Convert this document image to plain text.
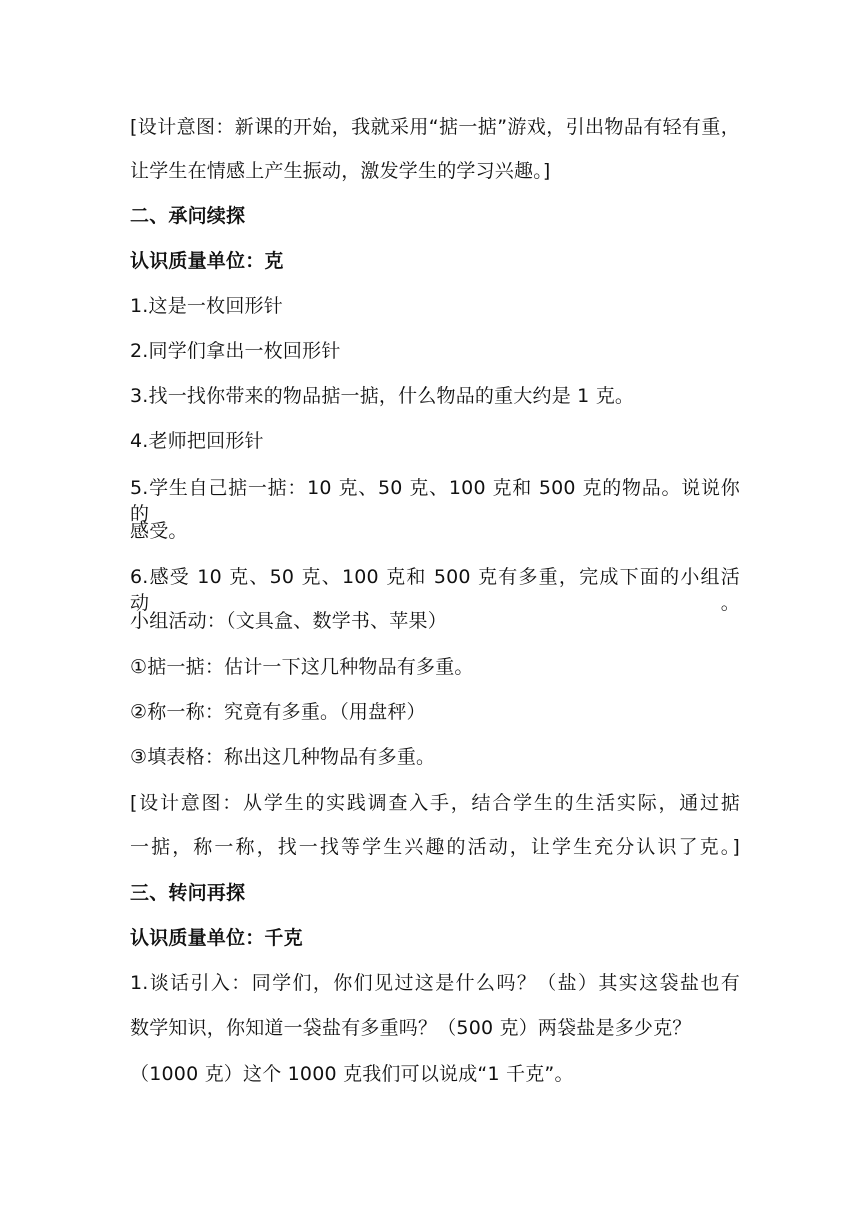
[设计意图：新课的开始，我就采用“掂一掂”游戏，引出物品有轻有重，
让学生在情感上产生振动，激发学生的学习兴趣。]
二、承问续探
认识质量单位：克
1.这是一枚回形针
2.同学们拿出一枚回形针
3.找一找你带来的物品掂一掂，什么物品的重大约是 1 克。
4.老师把回形针
5.学生自己掂一掂：10 克、50 克、100 克和 500 克的物品。说说你的
感受。
6.感受 10 克、50 克、100 克和 500 克有多重，完成下面的小组活动。
小组活动：（文具盒、数学书、苹果）
①掂一掂：估计一下这几种物品有多重。
②称一称：究竟有多重。（用盘秤）
③填表格：称出这几种物品有多重。
[设计意图：从学生的实践调查入手，结合学生的生活实际，通过掂
一掂，称一称，找一找等学生兴趣的活动，让学生充分认识了克。]
三、转问再探
认识质量单位：千克
1.谈话引入：同学们，你们见过这是什么吗？（盐）其实这袋盐也有
数学知识，你知道一袋盐有多重吗？（500 克）两袋盐是多少克？
（1000 克）这个 1000 克我们可以说成“1 千克”。
